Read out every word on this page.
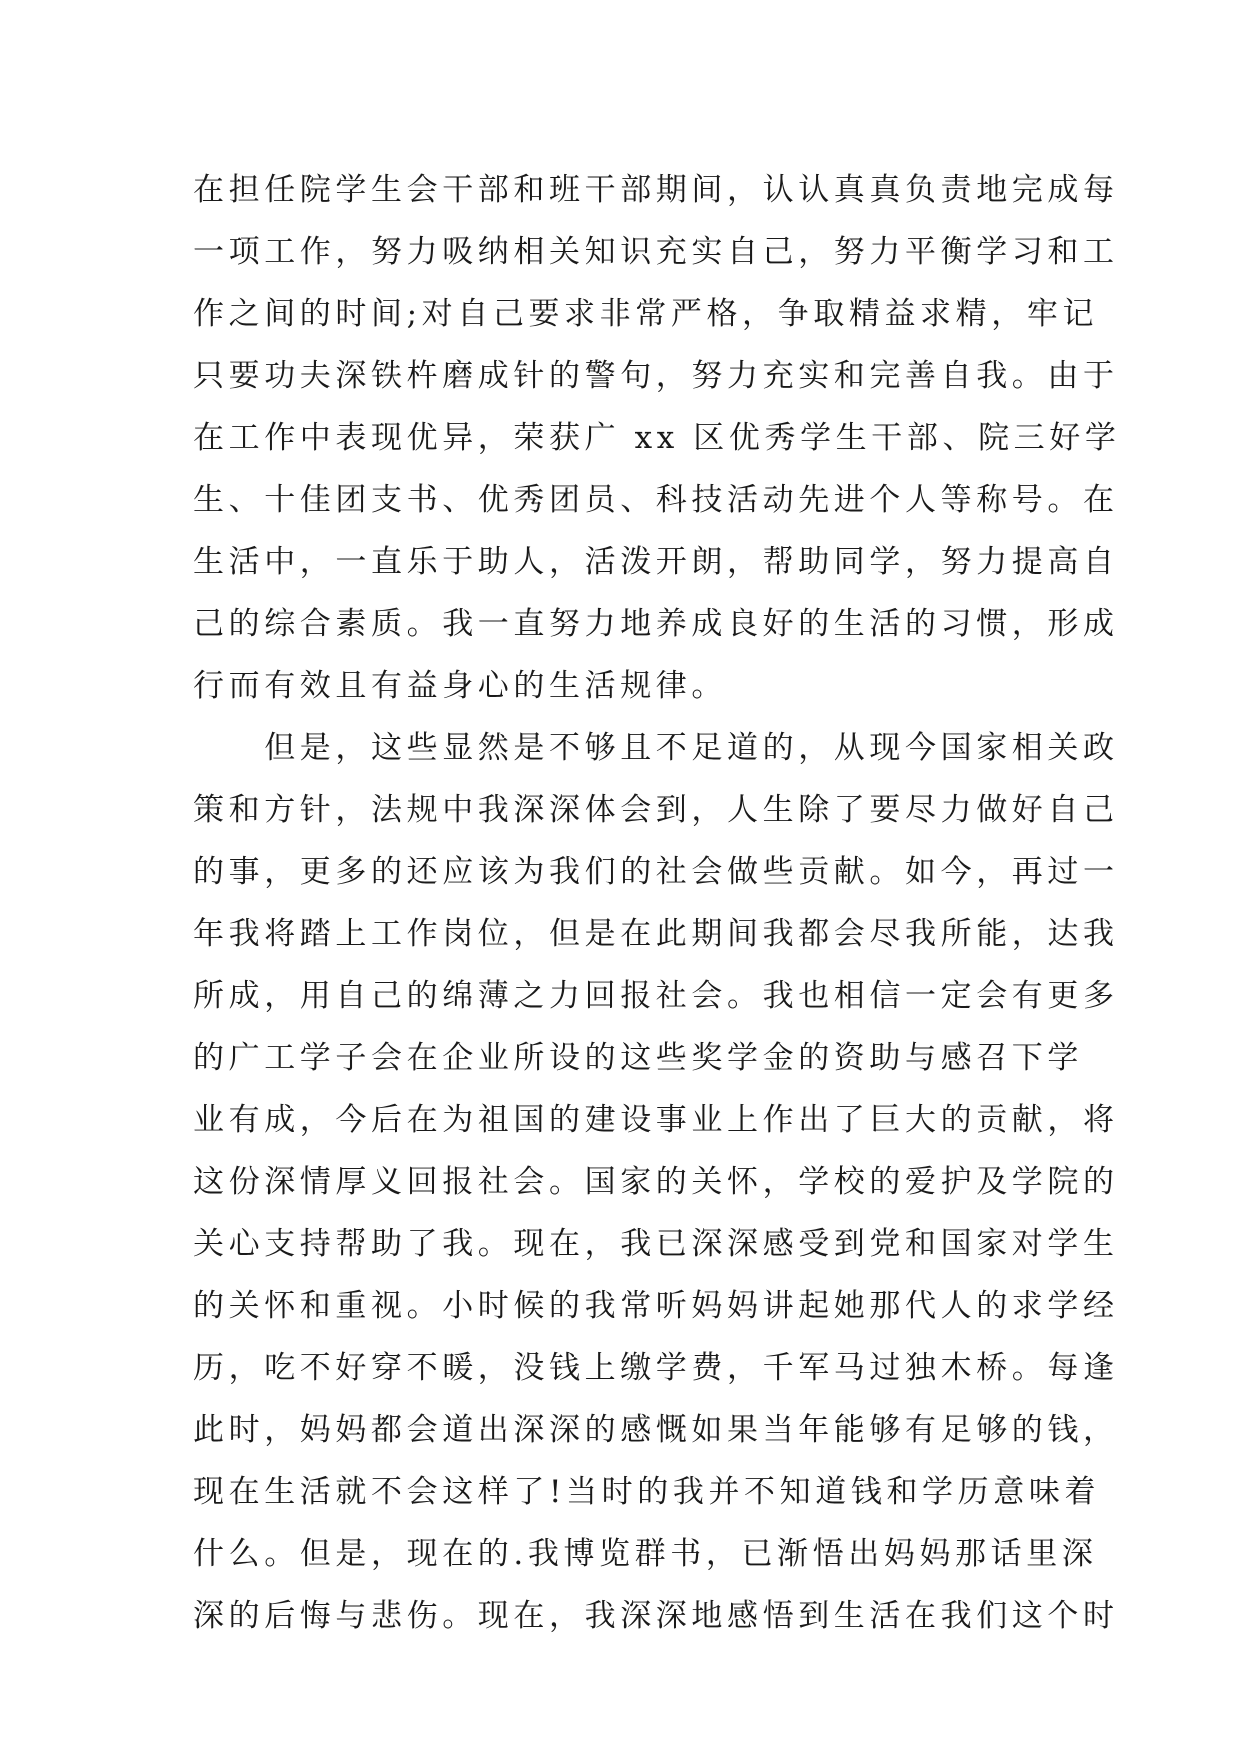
在担任院学生会干部和班干部期间，认认真真负责地完成每
一项工作，努力吸纳相关知识充实自己，努力平衡学习和工
作之间的时间;对自己要求非常严格，争取精益求精，牢记
只要功夫深铁杵磨成针的警句，努力充实和完善自我。由于
在工作中表现优异，荣获广 xx 区优秀学生干部、院三好学
生、十佳团支书、优秀团员、科技活动先进个人等称号。在
生活中，一直乐于助人，活泼开朗，帮助同学，努力提高自
己的综合素质。我一直努力地养成良好的生活的习惯，形成
行而有效且有益身心的生活规律。
　　但是，这些显然是不够且不足道的，从现今国家相关政
策和方针，法规中我深深体会到，人生除了要尽力做好自己
的事，更多的还应该为我们的社会做些贡献。如今，再过一
年我将踏上工作岗位，但是在此期间我都会尽我所能，达我
所成，用自己的绵薄之力回报社会。我也相信一定会有更多
的广工学子会在企业所设的这些奖学金的资助与感召下学
业有成，今后在为祖国的建设事业上作出了巨大的贡献，将
这份深情厚义回报社会。国家的关怀，学校的爱护及学院的
关心支持帮助了我。现在，我已深深感受到党和国家对学生
的关怀和重视。小时候的我常听妈妈讲起她那代人的求学经
历，吃不好穿不暖，没钱上缴学费，千军马过独木桥。每逢
此时，妈妈都会道出深深的感慨如果当年能够有足够的钱，
现在生活就不会这样了!当时的我并不知道钱和学历意味着
什么。但是，现在的.我博览群书，已渐悟出妈妈那话里深
深的后悔与悲伤。现在，我深深地感悟到生活在我们这个时
